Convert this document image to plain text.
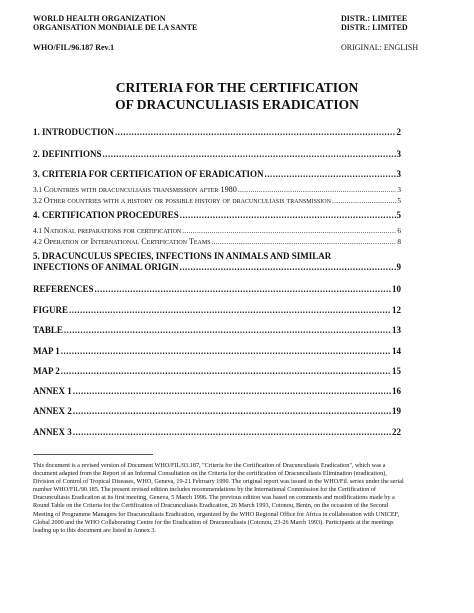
WORLD HEALTH ORGANIZATION
ORGANISATION MONDIALE DE LA SANTE
DISTR.: LIMITEE
DISTR.: LIMITED
WHO/FIL/96.187 Rev.1	ORIGINAL: ENGLISH
CRITERIA FOR THE CERTIFICATION
OF DRACUNCULIASIS ERADICATION
1. INTRODUCTION .....	2
2. DEFINITIONS .....	3
3. CRITERIA FOR CERTIFICATION OF ERADICATION .....	3
3.1 Countries with dracunculiasis transmission after 1980 .....	3
3.2 Other countries with a history or possible history of dracunculiasis transmission .....	5
4. CERTIFICATION PROCEDURES .....	5
4.1 National preparations for certification .....	6
4.2 Operation of International Certification Teams .....	8
5. DRACUNCULUS SPECIES, INFECTIONS IN ANIMALS AND SIMILAR
INFECTIONS OF ANIMAL ORIGIN .....	9
REFERENCES .....	10
FIGURE .....	12
TABLE .....	13
MAP 1 .....	14
MAP 2 .....	15
ANNEX 1 .....	16
ANNEX 2 .....	19
ANNEX 3 .....	22
This document is a revised version of Document WHO/FIL/93.187, "Criteria for the Certification of Dracunculiasis Eradication", which was a document adapted from the Report of an Informal Consultation on the Criteria for the certification of Dracunculiasis Elimination (eradication), Division of Control of Tropical Diseases, WHO, Geneva, 19-21 February 1990. The original report was issued in the WHO/Fil. series under the serial number WHO/FIL/90.185. The present revised edition includes recommendations by the International Commission for the Certification of Dracunculiasis Eradication at its first meeting, Geneva, 5 March 1996. The previous edition was based on comments and modifications made by a Round Table on the Criteria for the Certification of Dracunculiasis Eradication, 26 March 1993, Cotonou, Benin, on the occasion of the Second Meeting of Programme Managers for Dracunculiasis Eradication, organized by the WHO Regional Office for Africa in collaboration with UNICEF, Global 2000 and the WHO Collaborating Centre for the Eradication of Dracunculiasis (Cotonou, 23-26 March 1993). Participants at the meetings leading up to this document are listed in Annex 3.
